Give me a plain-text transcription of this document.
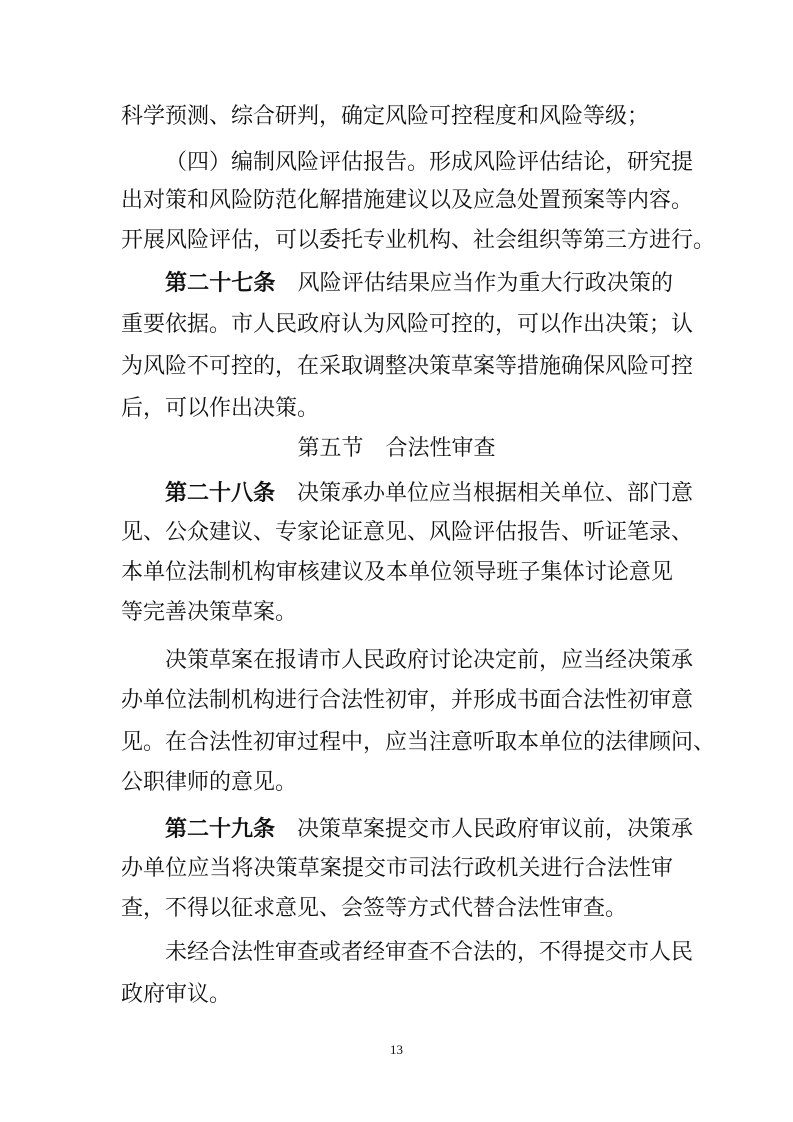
科学预测、综合研判，确定风险可控程度和风险等级；
（四）编制风险评估报告。形成风险评估结论，研究提
出对策和风险防范化解措施建议以及应急处置预案等内容。
开展风险评估，可以委托专业机构、社会组织等第三方进行。
第二十七条 风险评估结果应当作为重大行政决策的
重要依据。市人民政府认为风险可控的，可以作出决策；认
为风险不可控的，在采取调整决策草案等措施确保风险可控
后，可以作出决策。
第五节 合法性审查
第二十八条 决策承办单位应当根据相关单位、部门意
见、公众建议、专家论证意见、风险评估报告、听证笔录、
本单位法制机构审核建议及本单位领导班子集体讨论意见
等完善决策草案。
决策草案在报请市人民政府讨论决定前，应当经决策承
办单位法制机构进行合法性初审，并形成书面合法性初审意
见。在合法性初审过程中，应当注意听取本单位的法律顾问、
公职律师的意见。
第二十九条 决策草案提交市人民政府审议前，决策承
办单位应当将决策草案提交市司法行政机关进行合法性审
查，不得以征求意见、会签等方式代替合法性审查。
未经合法性审查或者经审查不合法的，不得提交市人民
政府审议。
13
